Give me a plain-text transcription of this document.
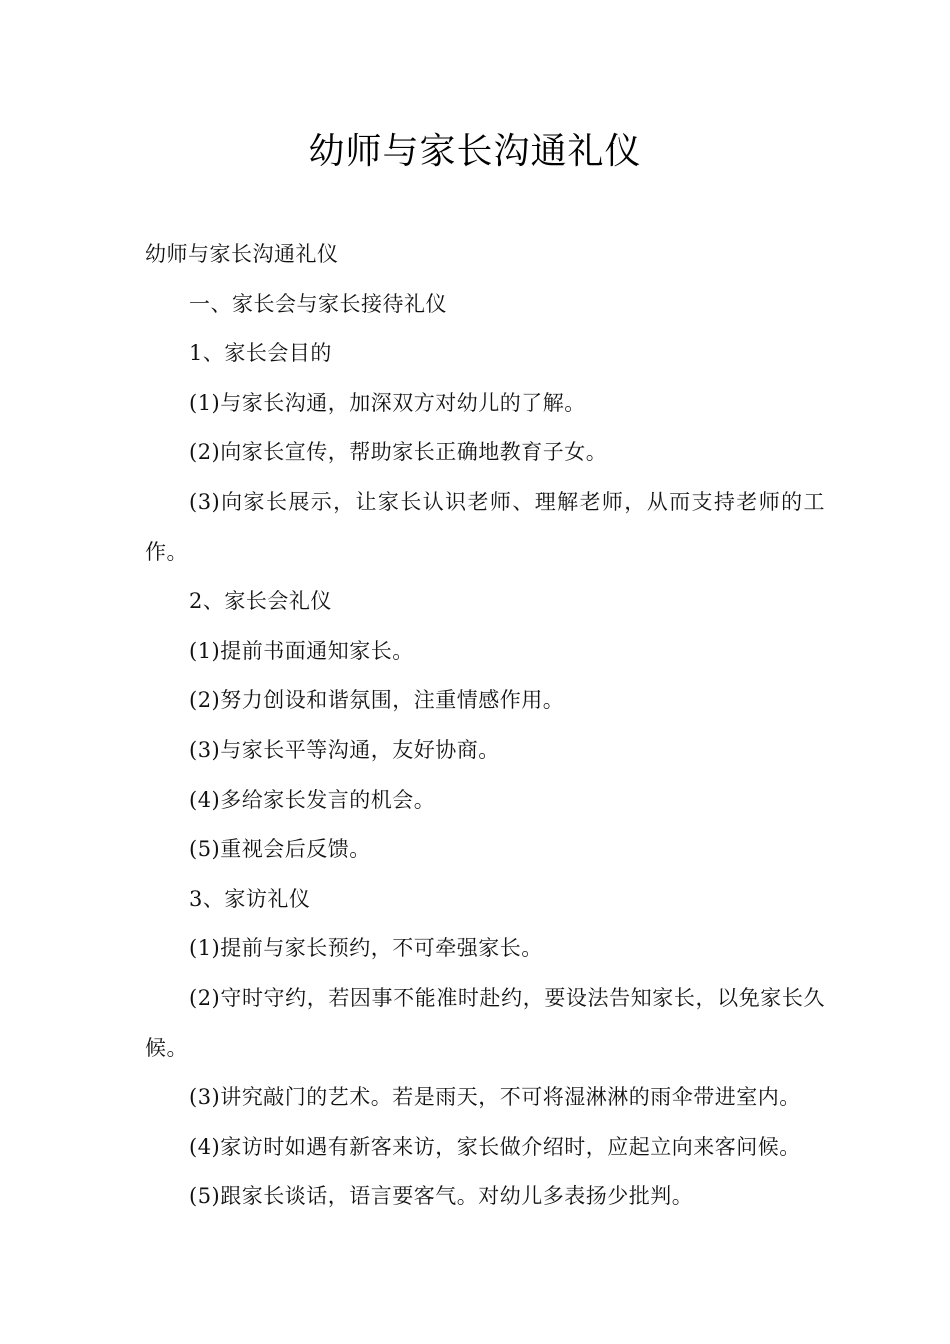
幼师与家长沟通礼仪

幼师与家长沟通礼仪

一、家长会与家长接待礼仪

1、家长会目的

(1)与家长沟通，加深双方对幼儿的了解。

(2)向家长宣传，帮助家长正确地教育子女。

(3)向家长展示，让家长认识老师、理解老师，从而支持老师的工作。

2、家长会礼仪

(1)提前书面通知家长。

(2)努力创设和谐氛围，注重情感作用。

(3)与家长平等沟通，友好协商。

(4)多给家长发言的机会。

(5)重视会后反馈。

3、家访礼仪

(1)提前与家长预约，不可牵强家长。

(2)守时守约，若因事不能准时赴约，要设法告知家长，以免家长久候。

(3)讲究敲门的艺术。若是雨天，不可将湿淋淋的雨伞带进室内。

(4)家访时如遇有新客来访，家长做介绍时，应起立向来客问候。

(5)跟家长谈话，语言要客气。对幼儿多表扬少批判。
